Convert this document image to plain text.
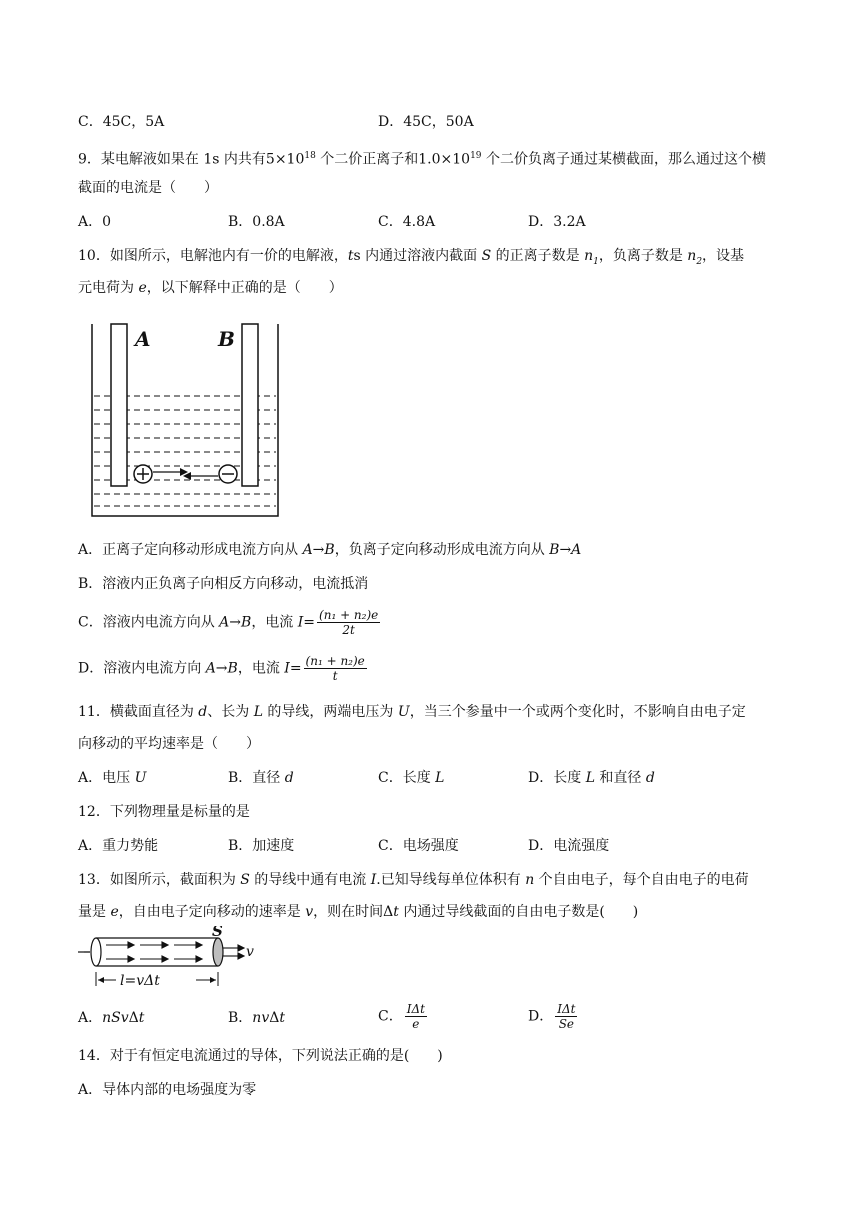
C．45C，5A	D．45C，50A
9．某电解液如果在 1s 内共有$5\times 10^{18}$ 个二价正离子和$1.0\times 10^{19}$ 个二价负离子通过某横截面，那么通过这个横
截面的电流是（　　）
A．0	B．0.8A	C．4.8A	D．3.2A
10．如图所示，电解池内有一价的电解液，ts 内通过溶液内截面 S 的正离子数是 $n_1$，负离子数是 $n_2$，设基
元电荷为 e，以下解释中正确的是（　　）
A	B
A．正离子定向移动形成电流方向从 A→B，负离子定向移动形成电流方向从 B→A
B．溶液内正负离子向相反方向移动，电流抵消
C．溶液内电流方向从 A→B，电流 $I= \frac{\text{(n₁ + n₂)e}}{2t}$
D．溶液内电流方向 A→B，电流 $I= \frac{\text{(n₁ + n₂)e}}{t}$
11．横截面直径为 d、长为 L 的导线，两端电压为 U，当三个参量中一个或两个变化时，不影响自由电子定
向移动的平均速率是（　　）
A．电压 U	B．直径 d	C．长度 L	D．长度 L 和直径 d
12．下列物理量是标量的是
A．重力势能	B．加速度	C．电场强度	D．电流强度
13．如图所示，截面积为 S 的导线中通有电流 I.已知导线每单位体积有 n 个自由电子，每个自由电子的电荷
量是 e，自由电子定向移动的速率是 v，则在时间Δt 内通过导线截面的自由电子数是(　　)
S
v
l=vΔt
A．nSvΔt	B．nvΔt	C． $\frac{\text{IΔt}}{e}$	D． $\frac{\text{IΔt}}{Se}$
14．对于有恒定电流通过的导体，下列说法正确的是(　　)
A．导体内部的电场强度为零
